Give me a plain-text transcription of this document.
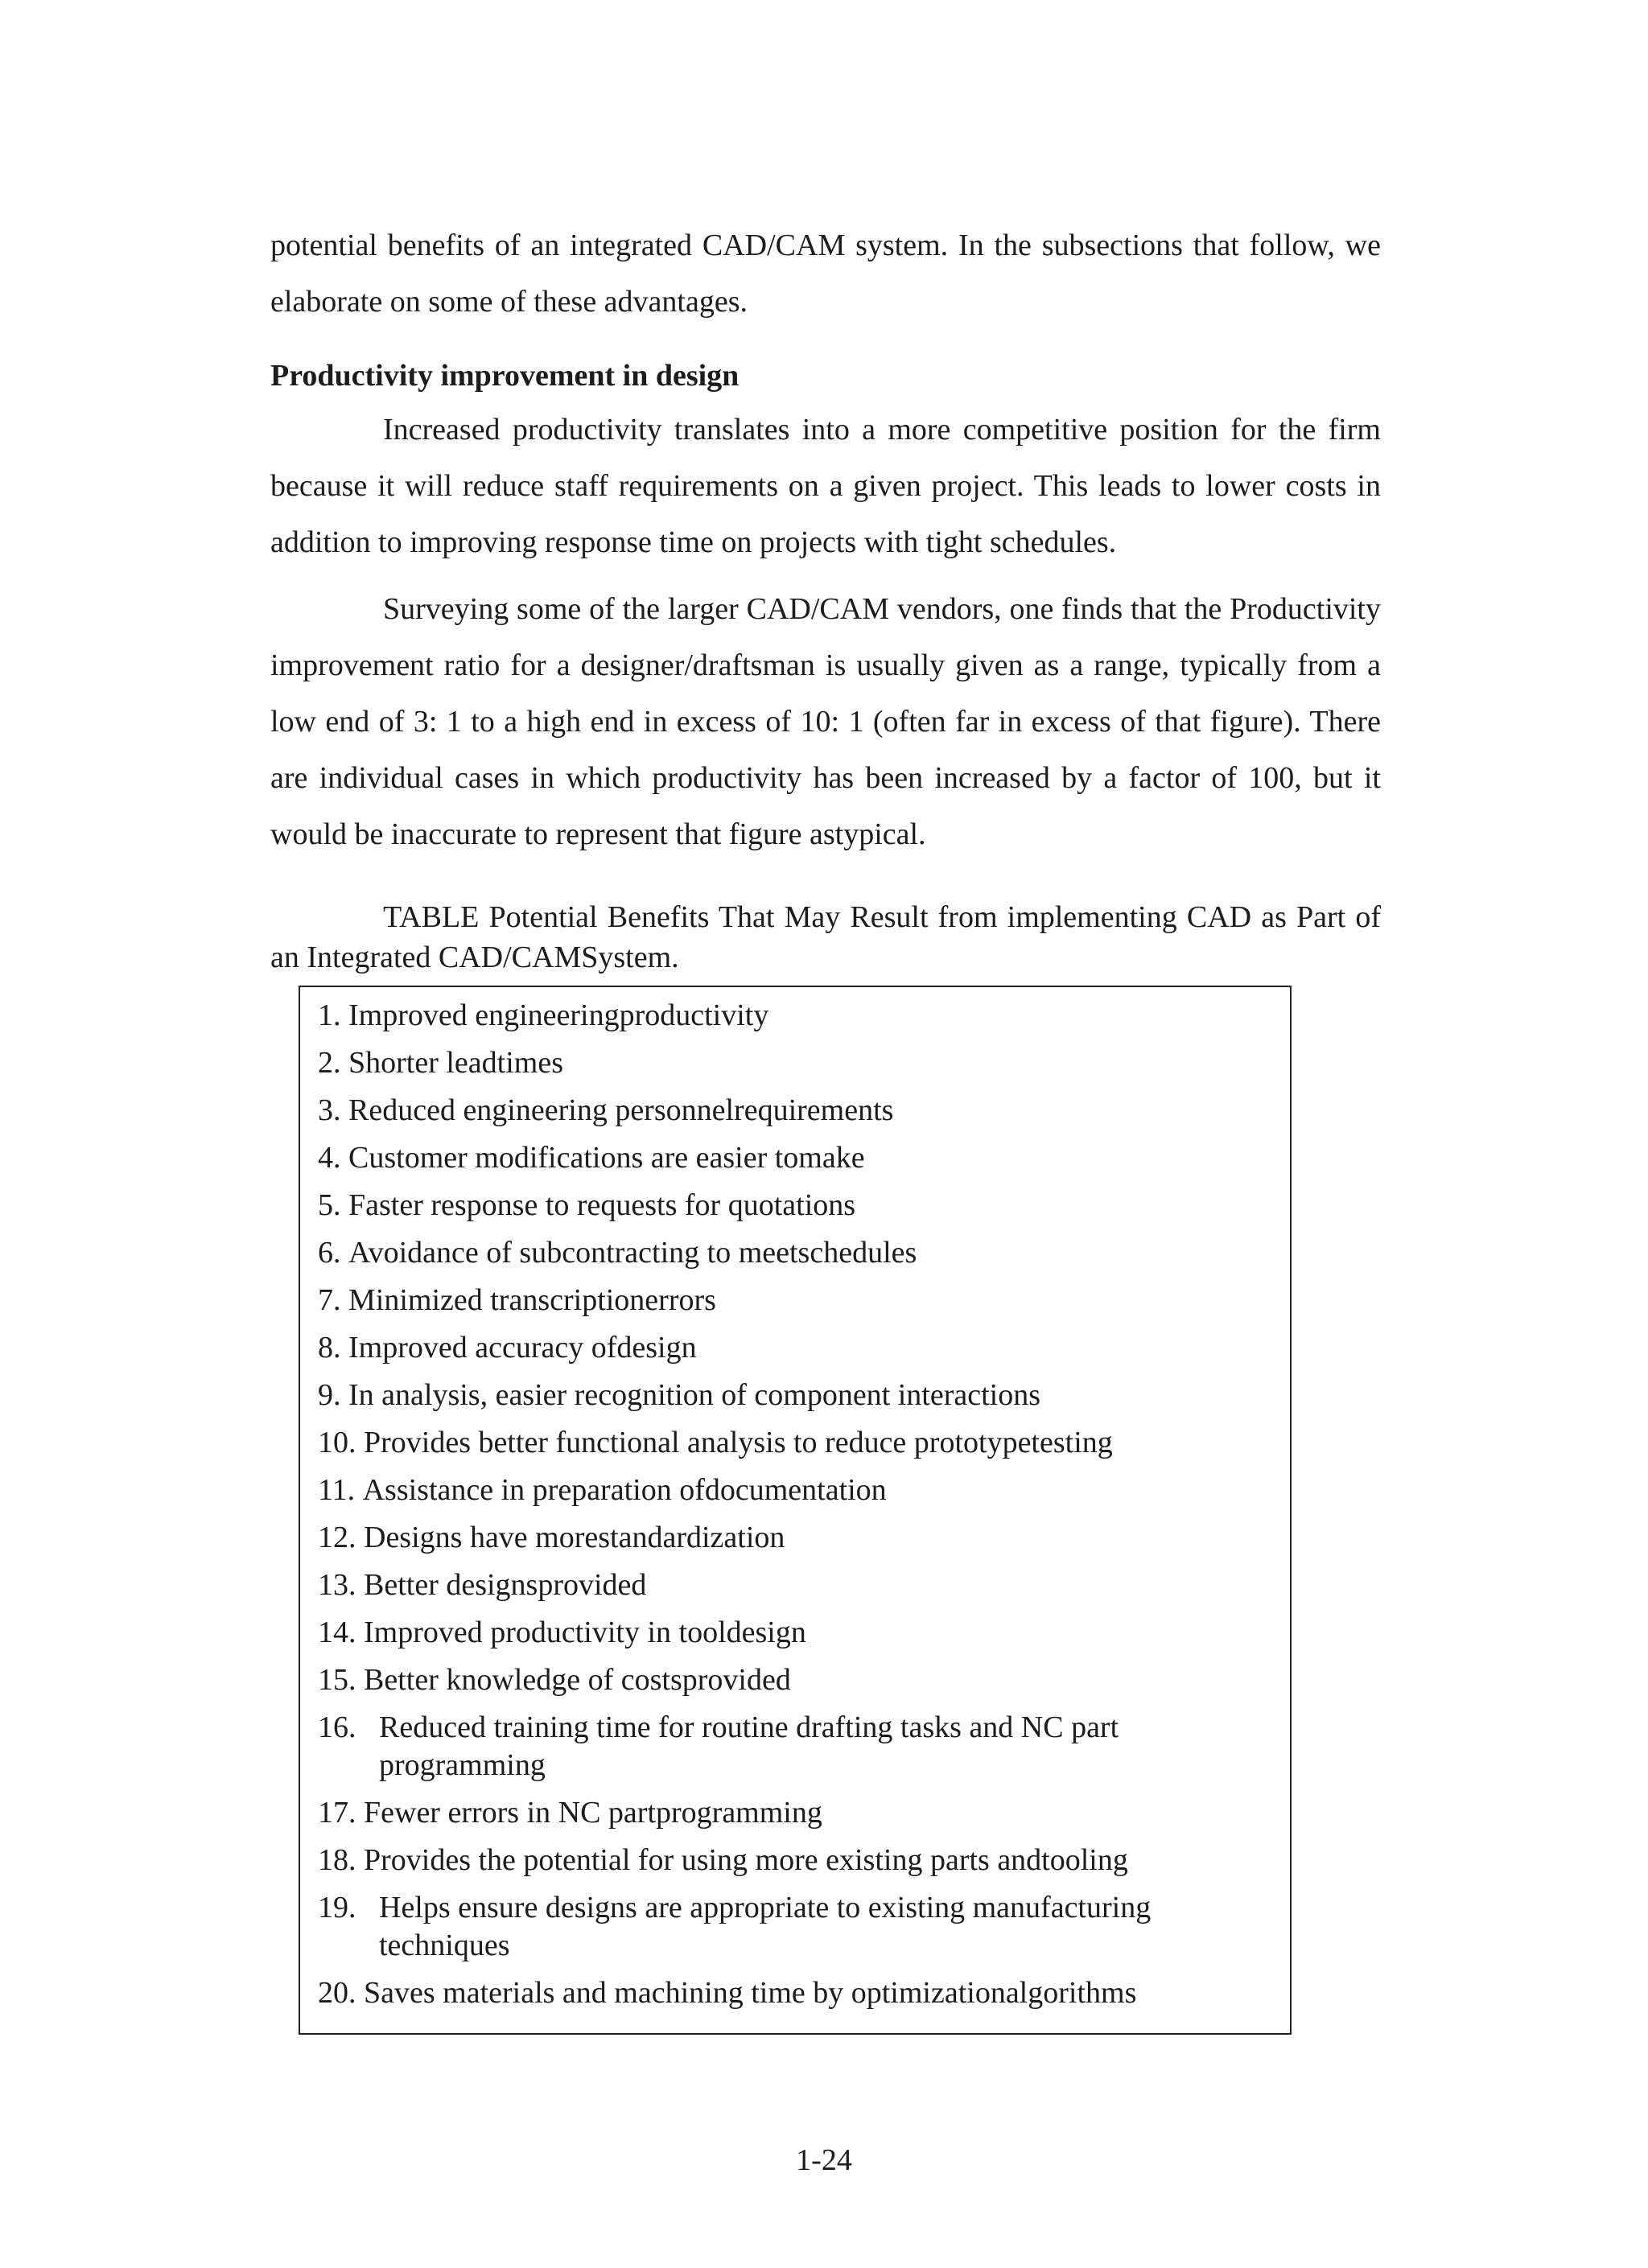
potential benefits of an integrated CAD/CAM system. In the subsections that follow, we elaborate on some of these advantages.

Productivity improvement in design

Increased productivity translates into a more competitive position for the firm because it will reduce staff requirements on a given project. This leads to lower costs in addition to improving response time on projects with tight schedules.

Surveying some of the larger CAD/CAM vendors, one finds that the Productivity improvement ratio for a designer/draftsman is usually given as a range, typically from a low end of 3: 1 to a high end in excess of 10: 1 (often far in excess of that figure). There are individual cases in which productivity has been increased by a factor of 100, but it would be inaccurate to represent that figure astypical.

TABLE Potential Benefits That May Result from implementing CAD as Part of an Integrated CAD/CAMSystem.

1. Improved engineeringproductivity
2. Shorter leadtimes
3. Reduced engineering personnelrequirements
4. Customer modifications are easier tomake
5. Faster response to requests for quotations
6. Avoidance of subcontracting to meetschedules
7. Minimized transcriptionerrors
8. Improved accuracy ofdesign
9. In analysis, easier recognition of component interactions
10. Provides better functional analysis to reduce prototypetesting
11. Assistance in preparation ofdocumentation
12. Designs have morestandardization
13. Better designsprovided
14. Improved productivity in tooldesign
15. Better knowledge of costsprovided
16. Reduced training time for routine drafting tasks and NC part programming
17. Fewer errors in NC partprogramming
18. Provides the potential for using more existing parts andtooling
19. Helps ensure designs are appropriate to existing manufacturing techniques
20. Saves materials and machining time by optimizationalgorithms
1-24
